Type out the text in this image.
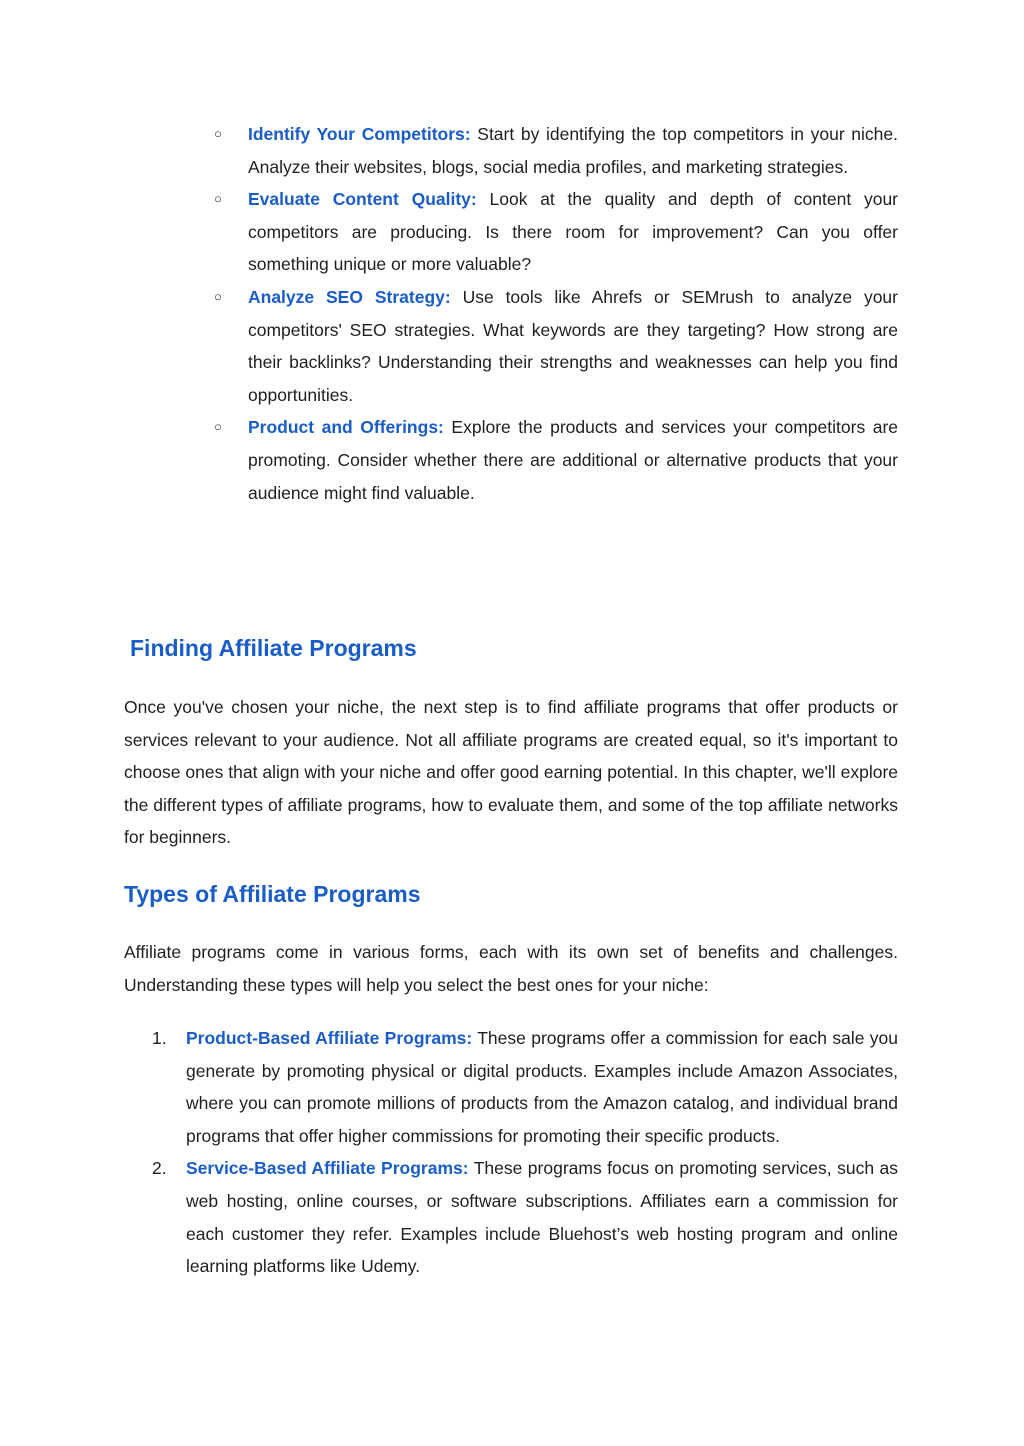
○	Identify Your Competitors: Start by identifying the top competitors in your niche. Analyze their websites, blogs, social media profiles, and marketing strategies.
○	Evaluate Content Quality: Look at the quality and depth of content your competitors are producing. Is there room for improvement? Can you offer something unique or more valuable?
○	Analyze SEO Strategy: Use tools like Ahrefs or SEMrush to analyze your competitors' SEO strategies. What keywords are they targeting? How strong are their backlinks? Understanding their strengths and weaknesses can help you find opportunities.
○	Product and Offerings: Explore the products and services your competitors are promoting. Consider whether there are additional or alternative products that your audience might find valuable.
Finding Affiliate Programs

Once you've chosen your niche, the next step is to find affiliate programs that offer products or services relevant to your audience. Not all affiliate programs are created equal, so it's important to choose ones that align with your niche and offer good earning potential. In this chapter, we'll explore the different types of affiliate programs, how to evaluate them, and some of the top affiliate networks for beginners.

Types of Affiliate Programs

Affiliate programs come in various forms, each with its own set of benefits and challenges. Understanding these types will help you select the best ones for your niche:

1.	Product-Based Affiliate Programs: These programs offer a commission for each sale you generate by promoting physical or digital products. Examples include Amazon Associates, where you can promote millions of products from the Amazon catalog, and individual brand programs that offer higher commissions for promoting their specific products.
2.	Service-Based Affiliate Programs: These programs focus on promoting services, such as web hosting, online courses, or software subscriptions. Affiliates earn a commission for each customer they refer. Examples include Bluehost’s web hosting program and online learning platforms like Udemy.
